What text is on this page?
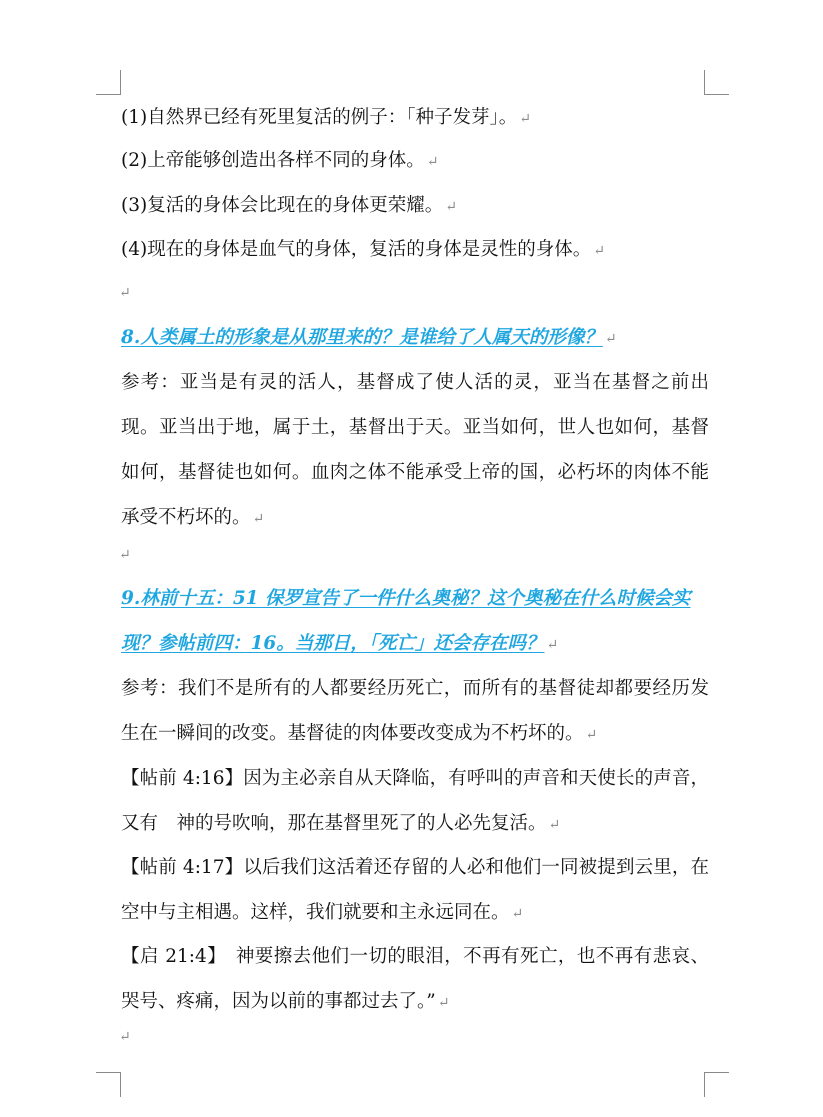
(1)自然界已经有死里复活的例子：「种子发芽」。 ↵
(2)上帝能够创造出各样不同的身体。 ↵
(3)复活的身体会比现在的身体更荣耀。 ↵
(4)现在的身体是血气的身体，复活的身体是灵性的身体。 ↵
↵
8.人类属土的形象是从那里来的？是谁给了人属天的形像？ ↵
参考：亚当是有灵的活人，基督成了使人活的灵，亚当在基督之前出现。亚当出于地，属于土，基督出于天。亚当如何，世人也如何，基督如何，基督徒也如何。血肉之体不能承受上帝的国，必朽坏的肉体不能承受不朽坏的。 ↵
↵
9.林前十五：51 保罗宣告了一件什么奥秘？这个奥秘在什么时候会实现？参帖前四：16。当那日，「死亡」还会存在吗？ ↵
参考：我们不是所有的人都要经历死亡，而所有的基督徒却都要经历发生在一瞬间的改变。基督徒的肉体要改变成为不朽坏的。 ↵
【帖前 4:16】因为主必亲自从天降临，有呼叫的声音和天使长的声音，又有　神的号吹响，那在基督里死了的人必先复活。 ↵
【帖前 4:17】以后我们这活着还存留的人必和他们一同被提到云里，在空中与主相遇。这样，我们就要和主永远同在。 ↵
【启 21:4】　神要擦去他们一切的眼泪，不再有死亡，也不再有悲哀、哭号、疼痛，因为以前的事都过去了。” ↵
↵
